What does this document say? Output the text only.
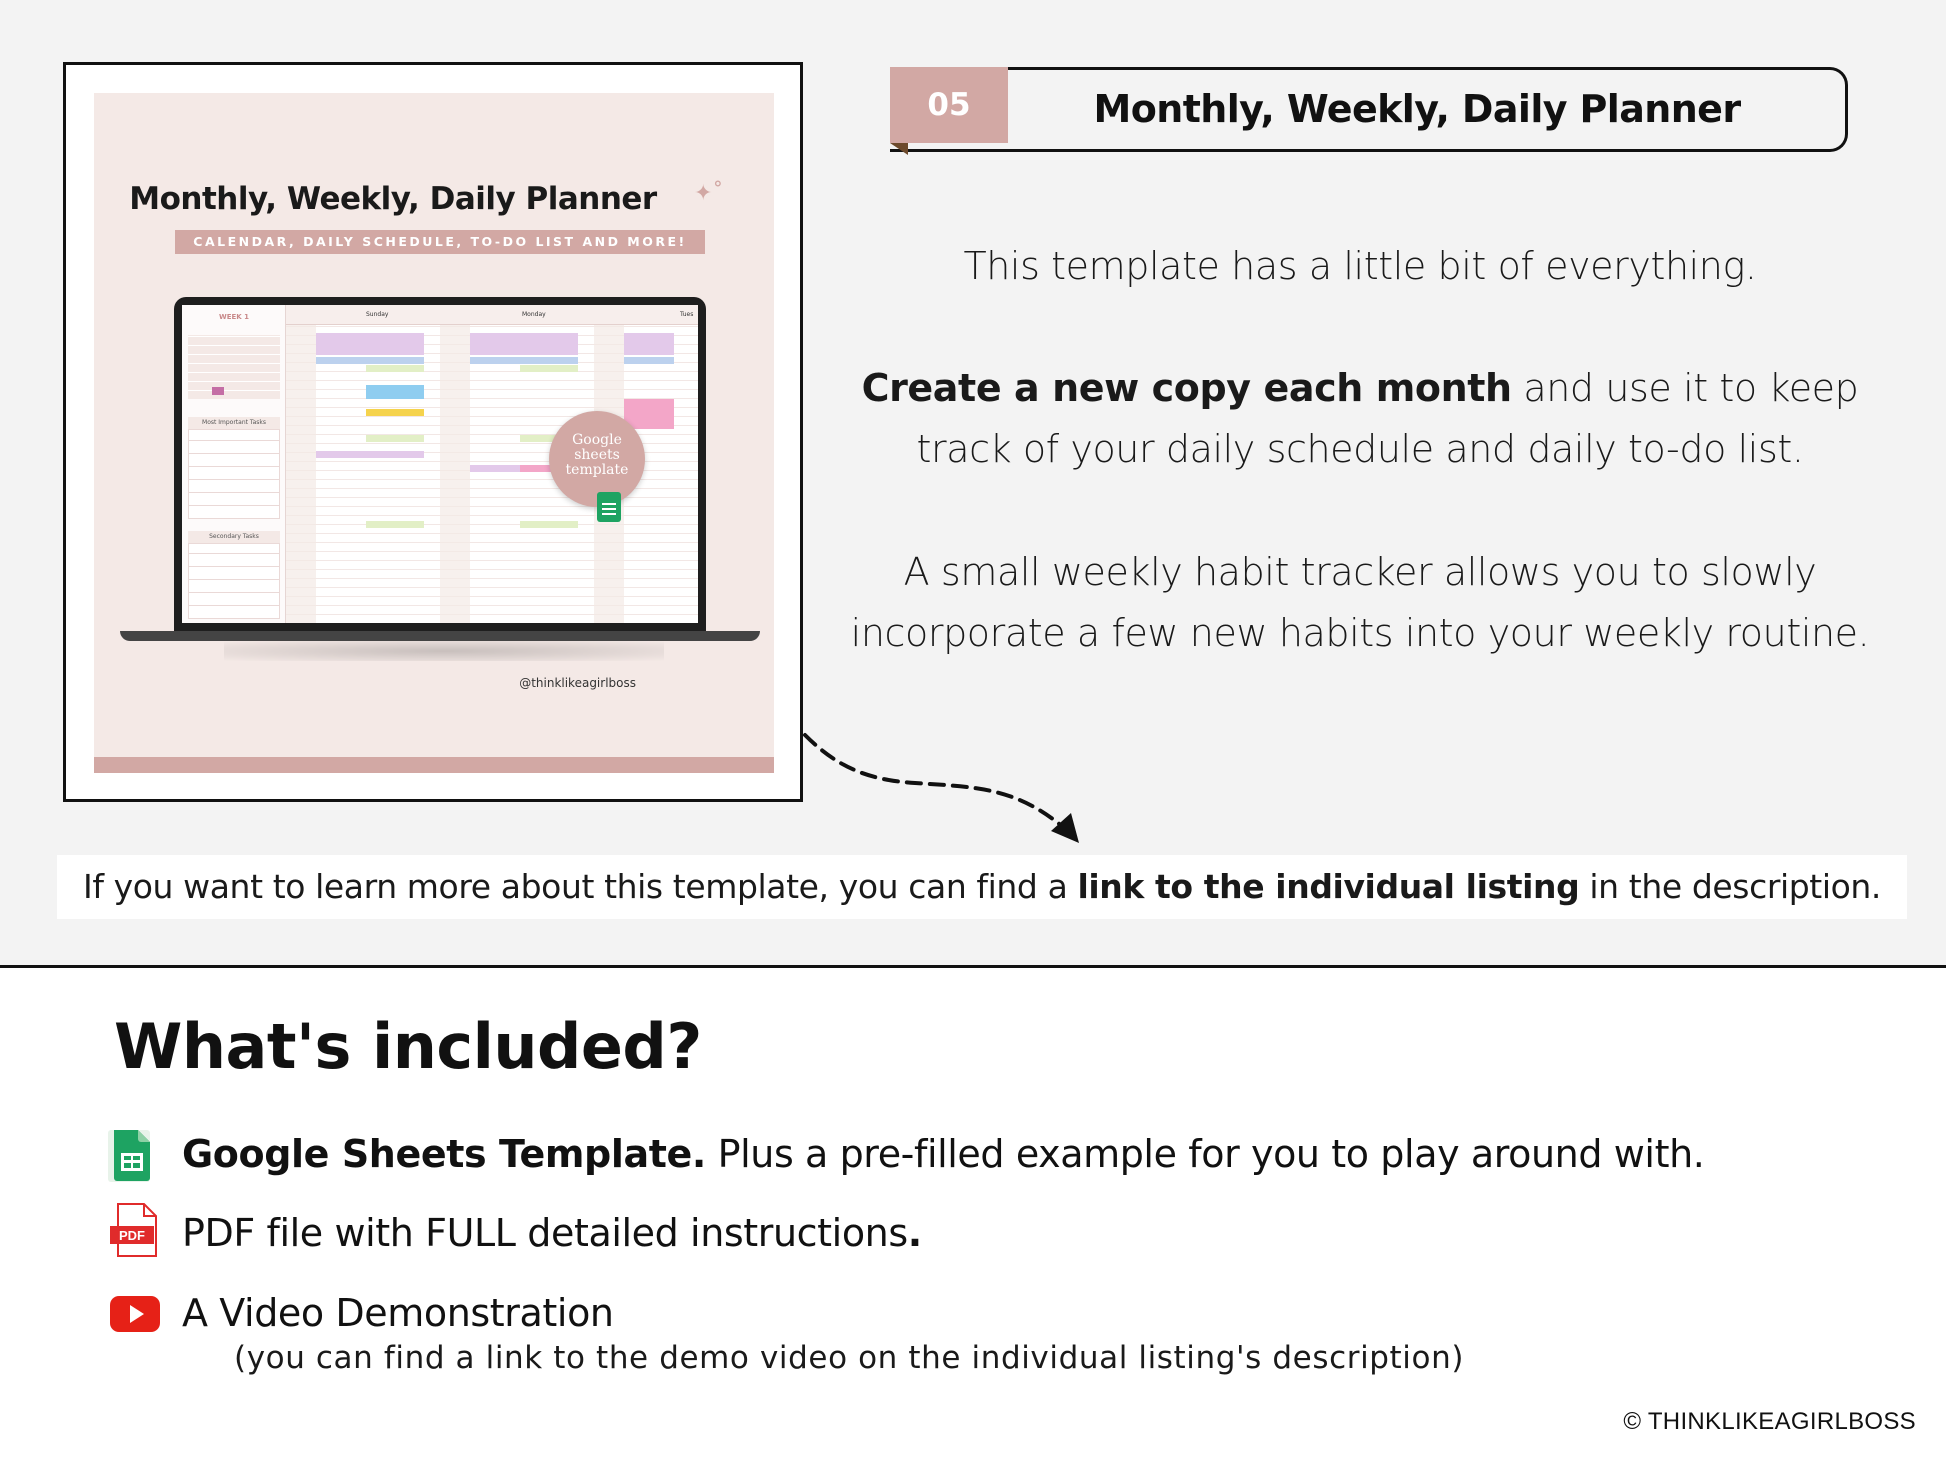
Monthly, Weekly, Daily Planner	✦˚
CALENDAR, DAILY SCHEDULE, TO-DO LIST AND MORE!
WEEK 1
Most Important Tasks
Secondary Tasks
Sunday	Monday	Tues
@thinklikeagirlboss
Google
sheets
template
05	Monthly, Weekly, Daily Planner
This template has a little bit of everything.
Create a new copy each month and use it to keep
track of your daily schedule and daily to-do list.
A small weekly habit tracker allows you to slowly
incorporate a few new habits into your weekly routine.
If you want to learn more about this template, you can find a link to the individual listing in the description.
What's included?
Google Sheets Template. Plus a pre-filled example for you to play around with.
PDF PDF file with FULL detailed instructions.
A Video Demonstration
(you can find a link to the demo video on the individual listing's description)
© THINKLIKEAGIRLBOSS
